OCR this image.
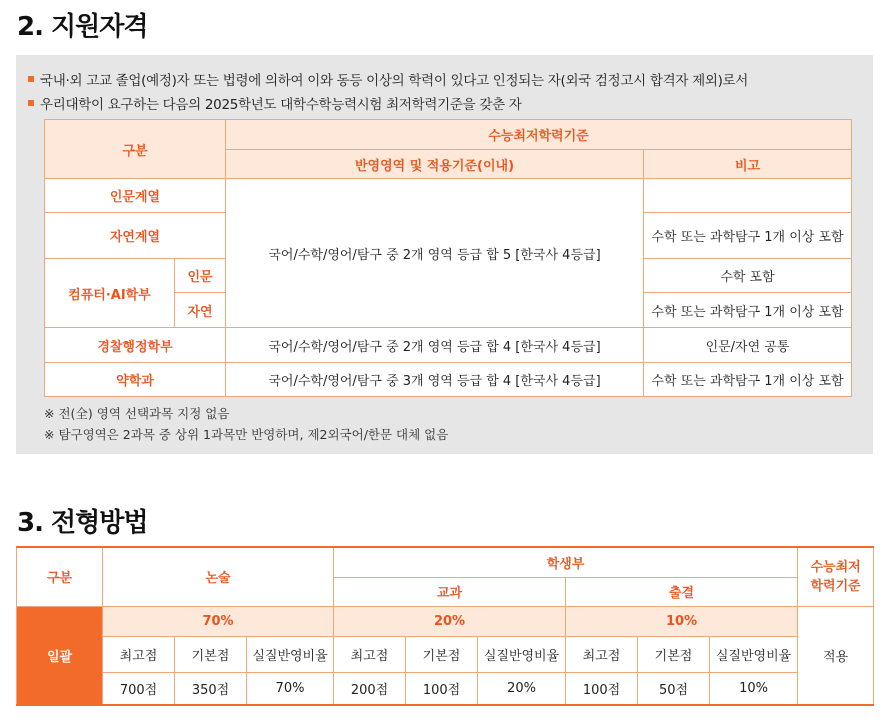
2. 지원자격
국내·외 고교 졸업(예정)자 또는 법령에 의하여 이와 동등 이상의 학력이 있다고 인정되는 자(외국 검정고시 합격자 제외)로서
우리대학이 요구하는 다음의 2025학년도 대학수학능력시험 최저학력기준을 갖춘 자
구분		수능최저학력기준	
		반영영역 및 적용기준(이내)	비고
인문계열		국어/수학/영어/탐구 중 2개 영역 등급 합 5 [한국사 4등급]	
자연계열			수학 또는 과학탐구 1개 이상 포함
컴퓨터·AI학부	인문		수학 포함
	자연		수학 또는 과학탐구 1개 이상 포함
경찰행정학부		국어/수학/영어/탐구 중 2개 영역 등급 합 4 [한국사 4등급]	인문/자연 공통
약학과		국어/수학/영어/탐구 중 3개 영역 등급 합 4 [한국사 4등급]	수학 또는 과학탐구 1개 이상 포함
※ 전(全) 영역 선택과목 지정 없음
※ 탐구영역은 2과목 중 상위 1과목만 반영하며, 제2외국어/한문 대체 없음
3. 전형방법
구분	논술			학생부						수능최저
학력기준
				교과			출결			
일괄	70%			20%			10%			적용
	최고점	기본점	실질반영비율	최고점	기본점	실질반영비율	최고점	기본점	실질반영비율	
	700점	350점	70%	200점	100점	20%	100점	50점	10%	
